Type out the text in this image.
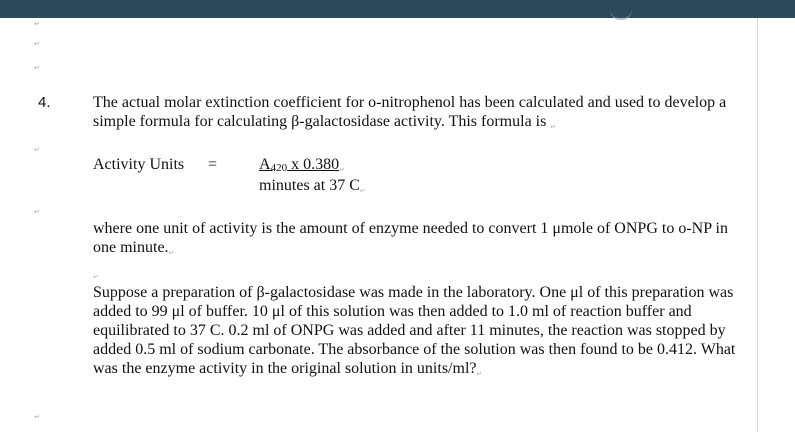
↵
↵
↵
↵
↵
↵
4.	The actual molar extinction coefficient for o-nitrophenol has been calculated and used to develop a simple formula for calculating β-galactosidase activity. This formula is ↵

Activity Units =	A420 x 0.380↵
minutes at 37 C↵

where one unit of activity is the amount of enzyme needed to convert 1 μmole of ONPG to o-NP in one minute.↵

↵

Suppose a preparation of β-galactosidase was made in the laboratory. One μl of this preparation was added to 99 μl of buffer. 10 μl of this solution was then added to 1.0 ml of reaction buffer and equilibrated to 37 C. 0.2 ml of ONPG was added and after 11 minutes, the reaction was stopped by added 0.5 ml of sodium carbonate. The absorbance of the solution was then found to be 0.412. What was the enzyme activity in the original solution in units/ml?↵
